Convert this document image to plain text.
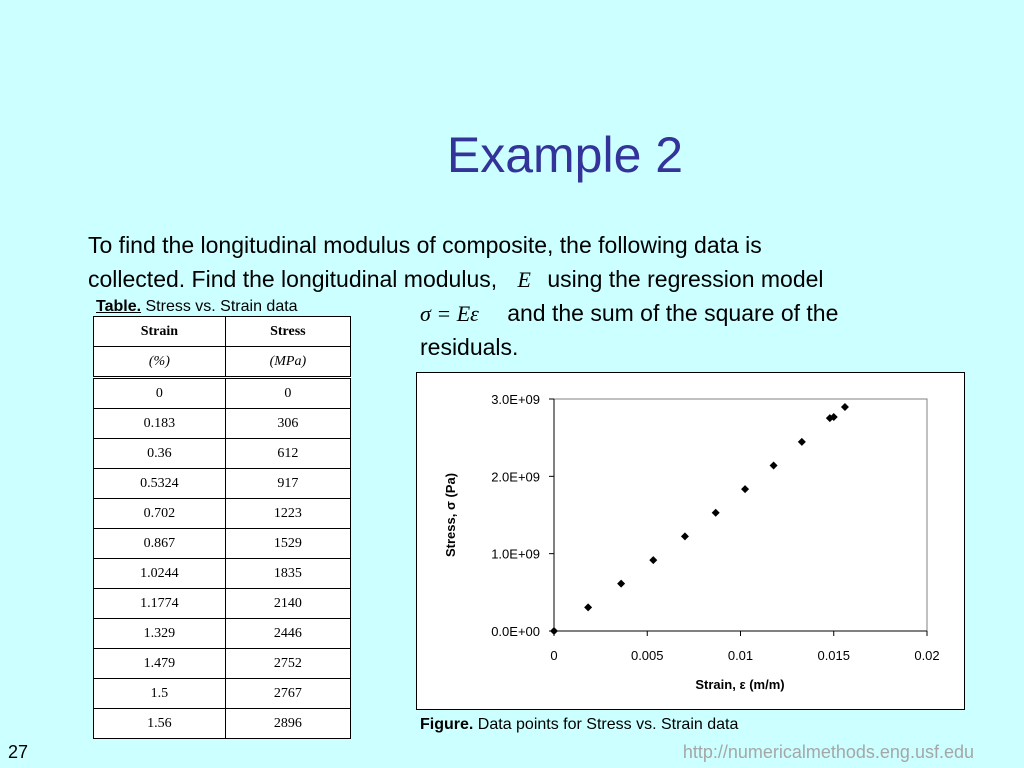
Example 2
To find the longitudinal modulus of composite, the following data is
collected. Find the longitudinal modulus, E using the regression model
σ = Eε and the sum of the square of the
residuals.
Table. Stress vs. Strain data
Strain	Stress
(%)	(MPa)
0	0
0.183	306
0.36	612
0.5324	917
0.702	1223
0.867	1529
1.0244	1835
1.1774	2140
1.329	2446
1.479	2752
1.5	2767
1.56	2896
0	0.005	0.01	0.015	0.02
0.0E+00
1.0E+09
2.0E+09
3.0E+09
Strain, ε (m/m)
Stress, σ (Pa)
Figure. Data points for Stress vs. Strain data
27	http://numericalmethods.eng.usf.edu
